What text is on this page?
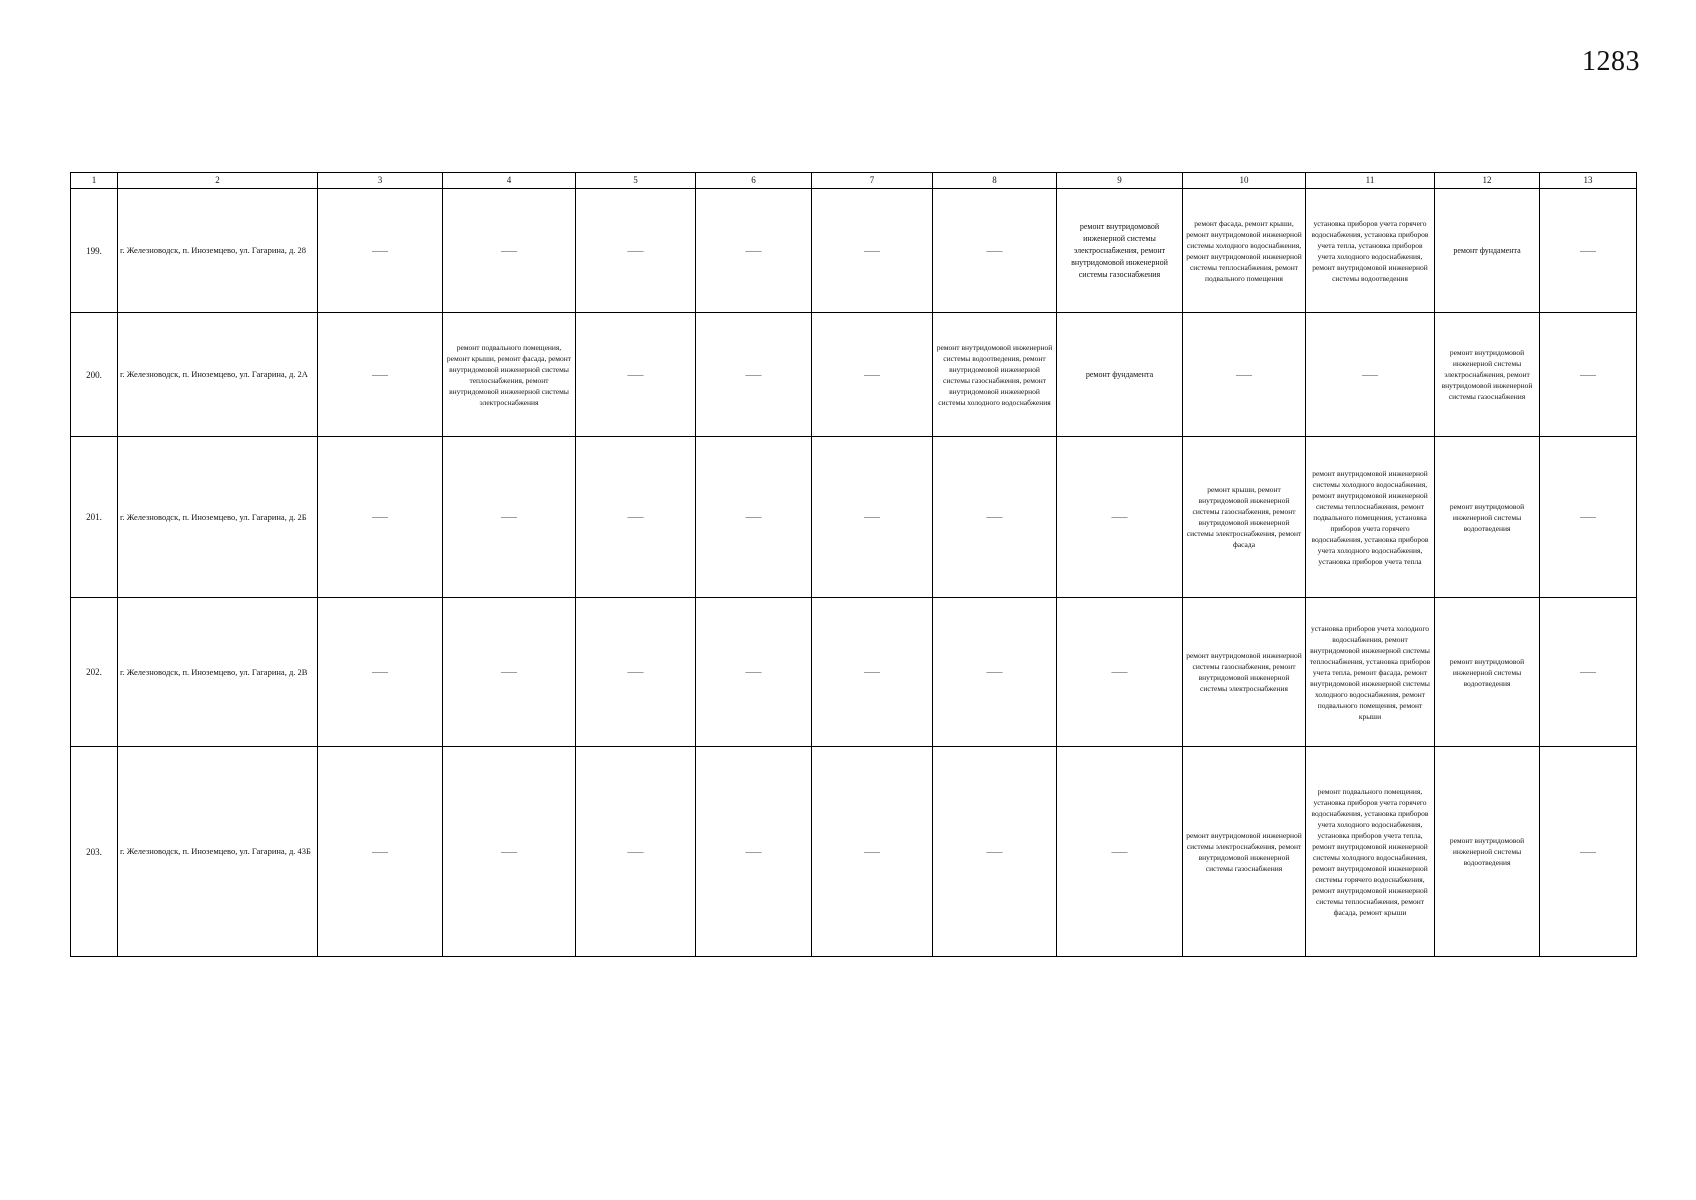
1283
1	2	3	4	5	6	7	8	9	10	11	12	13
199.	г. Железноводск, п. Иноземцево, ул. Гагарина, д. 28	——	——	——	——	——	——	ремонт внутридомовой инженерной системы электроснабжения, ремонт внутридомовой инженерной системы газоснабжения	ремонт фасада, ремонт крыши, ремонт внутридомовой инженерной системы холодного водоснабжения, ремонт внутридомовой инженерной системы теплоснабжения, ремонт подвального помещения	установка приборов учета горячего водоснабжения, установка приборов учета тепла, установка приборов учета холодного водоснабжения, ремонт внутридомовой инженерной системы водоотведения	ремонт фундамента	——
200.	г. Железноводск, п. Иноземцево, ул. Гагарина, д. 2А	——	ремонт подвального помещения, ремонт крыши, ремонт фасада, ремонт внутридомовой инженерной системы теплоснабжения, ремонт внутридомовой инженерной системы электроснабжения	——	——	——	ремонт внутридомовой инженерной системы водоотведения, ремонт внутридомовой инженерной системы газоснабжения, ремонт внутридомовой инженерной системы холодного водоснабжения	ремонт фундамента	——	——	ремонт внутридомовой инженерной системы электроснабжения, ремонт внутридомовой инженерной системы газоснабжения	——
201.	г. Железноводск, п. Иноземцево, ул. Гагарина, д. 2Б	——	——	——	——	——	——	——	ремонт крыши, ремонт внутридомовой инженерной системы газоснабжения, ремонт внутридомовой инженерной системы электроснабжения, ремонт фасада	ремонт внутридомовой инженерной системы холодного водоснабжения, ремонт внутридомовой инженерной системы теплоснабжения, ремонт подвального помещения, установка приборов учета горячего водоснабжения, установка приборов учета холодного водоснабжения, установка приборов учета тепла	ремонт внутридомовой инженерной системы водоотведения	——
202.	г. Железноводск, п. Иноземцево, ул. Гагарина, д. 2В	——	——	——	——	——	——	——	ремонт внутридомовой инженерной системы газоснабжения, ремонт внутридомовой инженерной системы электроснабжения	установка приборов учета холодного водоснабжения, ремонт внутридомовой инженерной системы теплоснабжения, установка приборов учета тепла, ремонт фасада, ремонт внутридомовой инженерной системы холодного водоснабжения, ремонт подвального помещения, ремонт крыши	ремонт внутридомовой инженерной системы водоотведения	——
203.	г. Железноводск, п. Иноземцево, ул. Гагарина, д. 43Б	——	——	——	——	——	——	——	ремонт внутридомовой инженерной системы электроснабжения, ремонт внутридомовой инженерной системы газоснабжения	ремонт подвального помещения, установка приборов учета горячего водоснабжения, установка приборов учета холодного водоснабжения, установка приборов учета тепла, ремонт внутридомовой инженерной системы холодного водоснабжения, ремонт внутридомовой инженерной системы горячего водоснабжения, ремонт внутридомовой инженерной системы теплоснабжения, ремонт фасада, ремонт крыши	ремонт внутридомовой инженерной системы водоотведения	——
